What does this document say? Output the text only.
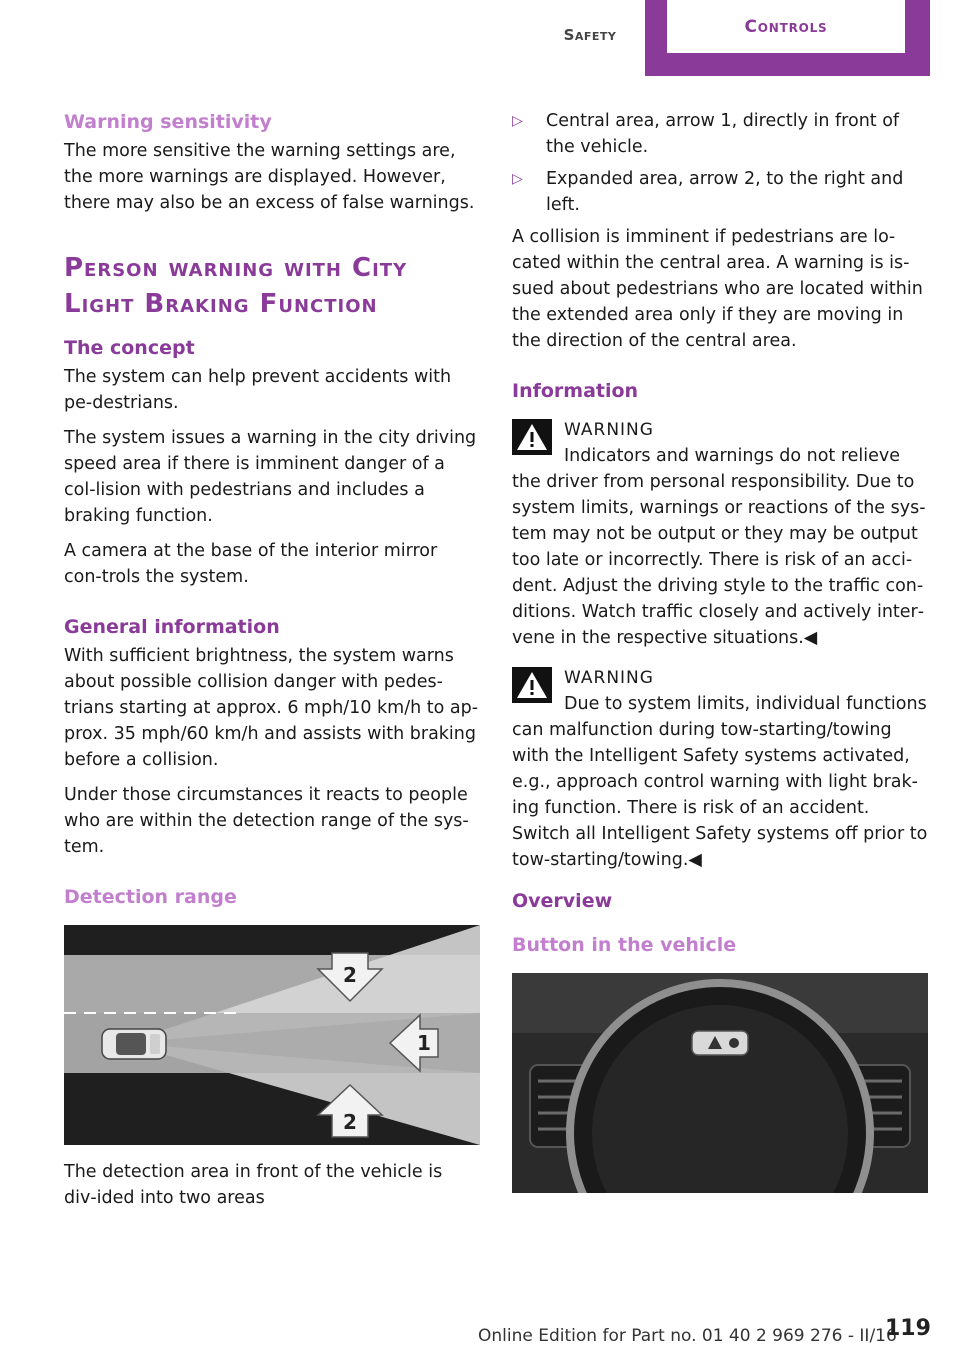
Safety	Controls
Warning sensitivity

The more sensitive the warning settings are, the more warnings are displayed. However, there may also be an excess of false warnings.

Person warning with City Light Braking Function
The concept

The system can help prevent accidents with pe‐destrians.

The system issues a warning in the city driving speed area if there is imminent danger of a col‐lision with pedestrians and includes a braking function.

A camera at the base of the interior mirror con‐trols the system.

General information

With sufficient brightness, the system warns about possible collision danger with pedes‐trians starting at approx. 6 mph/10 km/h to ap‐prox. 35 mph/60 km/h and assists with braking before a collision.

Under those circumstances it reacts to people who are within the detection range of the sys‐tem.

Detection range
2
1
2

The detection area in front of the vehicle is div‐ided into two areas

▷	Central area, arrow 1, directly in front of the vehicle.

▷	Expanded area, arrow 2, to the right and left.

A collision is imminent if pedestrians are lo‐cated within the central area. A warning is is‐sued about pedestrians who are located within the extended area only if they are moving in the direction of the central area.

Information
WARNING

Indicators and warnings do not relieve

the driver from personal responsibility. Due to system limits, warnings or reactions of the sys‐tem may not be output or they may be output too late or incorrectly. There is risk of an acci‐dent. Adjust the driving style to the traffic con‐ditions. Watch traffic closely and actively inter‐vene in the respective situations.◀

WARNING

Due to system limits, individual functions

can malfunction during tow-starting/towing with the Intelligent Safety systems activated, e.g., approach control warning with light brak‐ing function. There is risk of an accident. Switch all Intelligent Safety systems off prior to tow‐starting/towing.◀

Overview
Button in the vehicle
Online Edition for Part no. 01 40 2 969 276 - II/16
119
